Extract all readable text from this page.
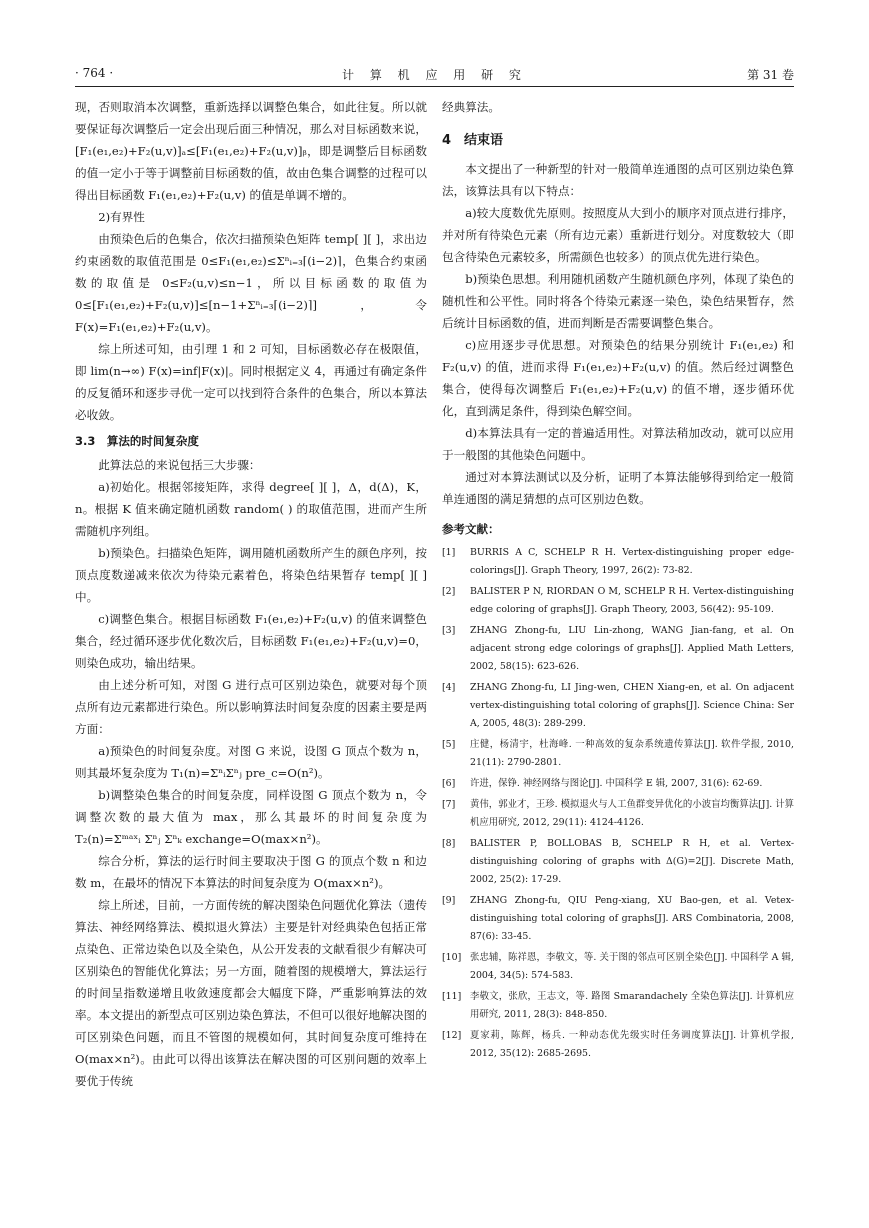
· 764 ·	计 算 机 应 用 研 究	第 31 卷

现，否则取消本次调整，重新选择以调整色集合，如此往复。所以就要保证每次调整后一定会出现后面三种情况，那么对目标函数来说，[F₁(e₁,e₂)+F₂(u,v)]ₐ≤[F₁(e₁,e₂)+F₂(u,v)]ᵦ，即是调整后目标函数的值一定小于等于调整前目标函数的值，故由色集合调整的过程可以得出目标函数 F₁(e₁,e₂)+F₂(u,v) 的值是单调不增的。

2)有界性

由预染色后的色集合，依次扫描预染色矩阵 temp[ ][ ]，求出边约束函数的取值范围是 0≤F₁(e₁,e₂)≤Σⁿᵢ₌₃⌈(i−2)⌉，色集合约束函数的取值是 0≤F₂(u,v)≤n−1，所以目标函数的取值为 0≤[F₁(e₁,e₂)+F₂(u,v)]≤[n−1+Σⁿᵢ₌₃⌈(i−2)⌉]，令 F(x)=F₁(e₁,e₂)+F₂(u,v)。

综上所述可知，由引理 1 和 2 可知，目标函数必存在极限值，即 lim(n→∞) F(x)=inf|F(x)|。同时根据定义 4，再通过有确定条件的反复循环和逐步寻优一定可以找到符合条件的色集合，所以本算法必收敛。

3.3　算法的时间复杂度

此算法总的来说包括三大步骤：

a)初始化。根据邻接矩阵，求得 degree[ ][ ]，Δ，d(Δ)，K，n。根据 K 值来确定随机函数 random( ) 的取值范围，进而产生所需随机序列组。

b)预染色。扫描染色矩阵，调用随机函数所产生的颜色序列，按顶点度数递减来依次为待染元素着色，将染色结果暂存 temp[ ][ ]中。

c)调整色集合。根据目标函数 F₁(e₁,e₂)+F₂(u,v) 的值来调整色集合，经过循环逐步优化数次后，目标函数 F₁(e₁,e₂)+F₂(u,v)=0，则染色成功，输出结果。

由上述分析可知，对图 G 进行点可区别边染色，就要对每个顶点所有边元素都进行染色。所以影响算法时间复杂度的因素主要是两方面：

a)预染色的时间复杂度。对图 G 来说，设图 G 顶点个数为 n，则其最坏复杂度为 T₁(n)=ΣⁿᵢΣⁿⱼ pre_c=O(n²)。

b)调整染色集合的时间复杂度，同样设图 G 顶点个数为 n，令调整次数的最大值为 max，那么其最坏的时间复杂度为 T₂(n)=Σᵐᵃˣᵢ Σⁿⱼ Σⁿₖ exchange=O(max×n²)。

综合分析，算法的运行时间主要取决于图 G 的顶点个数 n 和边数 m，在最坏的情况下本算法的时间复杂度为 O(max×n²)。

综上所述，目前，一方面传统的解决图染色问题优化算法（遗传算法、神经网络算法、模拟退火算法）主要是针对经典染色包括正常点染色、正常边染色以及全染色，从公开发表的文献看很少有解决可区别染色的智能优化算法；另一方面，随着图的规模增大，算法运行的时间呈指数递增且收敛速度都会大幅度下降，严重影响算法的效率。本文提出的新型点可区别边染色算法，不但可以很好地解决图的可区别染色问题，而且不管图的规模如何，其时间复杂度可维持在 O(max×n²)。由此可以得出该算法在解决图的可区别问题的效率上要优于传统

经典算法。

4　结束语

本文提出了一种新型的针对一般简单连通图的点可区别边染色算法，该算法具有以下特点：

a)较大度数优先原则。按照度从大到小的顺序对顶点进行排序，并对所有待染色元素（所有边元素）重新进行划分。对度数较大（即包含待染色元素较多，所需颜色也较多）的顶点优先进行染色。

b)预染色思想。利用随机函数产生随机颜色序列，体现了染色的随机性和公平性。同时将各个待染元素逐一染色，染色结果暂存，然后统计目标函数的值，进而判断是否需要调整色集合。

c)应用逐步寻优思想。对预染色的结果分别统计 F₁(e₁,e₂) 和 F₂(u,v) 的值，进而求得 F₁(e₁,e₂)+F₂(u,v) 的值。然后经过调整色集合，使得每次调整后 F₁(e₁,e₂)+F₂(u,v) 的值不增，逐步循环优化，直到满足条件，得到染色解空间。

d)本算法具有一定的普遍适用性。对算法稍加改动，就可以应用于一般图的其他染色问题中。

通过对本算法测试以及分析，证明了本算法能够得到给定一般简单连通图的满足猜想的点可区别边色数。

参考文献：

[1]	BURRIS A C, SCHELP R H. Vertex-distinguishing proper edge-colorings[J]. Graph Theory, 1997, 26(2): 73-82.
[2]	BALISTER P N, RIORDAN O M, SCHELP R H. Vertex-distinguishing edge coloring of graphs[J]. Graph Theory, 2003, 56(42): 95-109.
[3]	ZHANG Zhong-fu, LIU Lin-zhong, WANG Jian-fang, et al. On adjacent strong edge colorings of graphs[J]. Applied Math Letters, 2002, 58(15): 623-626.
[4]	ZHANG Zhong-fu, LI Jing-wen, CHEN Xiang-en, et al. On adjacent vertex-distinguishing total coloring of graphs[J]. Science China: Ser A, 2005, 48(3): 289-299.
[5]	庄健，杨清宇，杜海峰. 一种高效的复杂系统遗传算法[J]. 软件学报, 2010, 21(11): 2790-2801.
[6]	许进，保铮. 神经网络与图论[J]. 中国科学 E 辑, 2007, 31(6): 62-69.
[7]	黄伟，郭业才，王珍. 模拟退火与人工鱼群变异优化的小波盲均衡算法[J]. 计算机应用研究, 2012, 29(11): 4124-4126.
[8]	BALISTER P, BOLLOBAS B, SCHELP R H, et al. Vertex-distinguishing coloring of graphs with Δ(G)=2[J]. Discrete Math, 2002, 25(2): 17-29.
[9]	ZHANG Zhong-fu, QIU Peng-xiang, XU Bao-gen, et al. Vetex-distinguishing total coloring of graphs[J]. ARS Combinatoria, 2008, 87(6): 33-45.
[10] 张忠辅，陈祥恩，李敬文，等. 关于图的邻点可区别全染色[J]. 中国科学 A 辑, 2004, 34(5): 574-583.
[11] 李敬文，张欣，王志文，等. 路图 Smarandachely 全染色算法[J]. 计算机应用研究, 2011, 28(3): 848-850.
[12] 夏家莉，陈辉，杨兵. 一种动态优先级实时任务调度算法[J]. 计算机学报, 2012, 35(12): 2685-2695.
